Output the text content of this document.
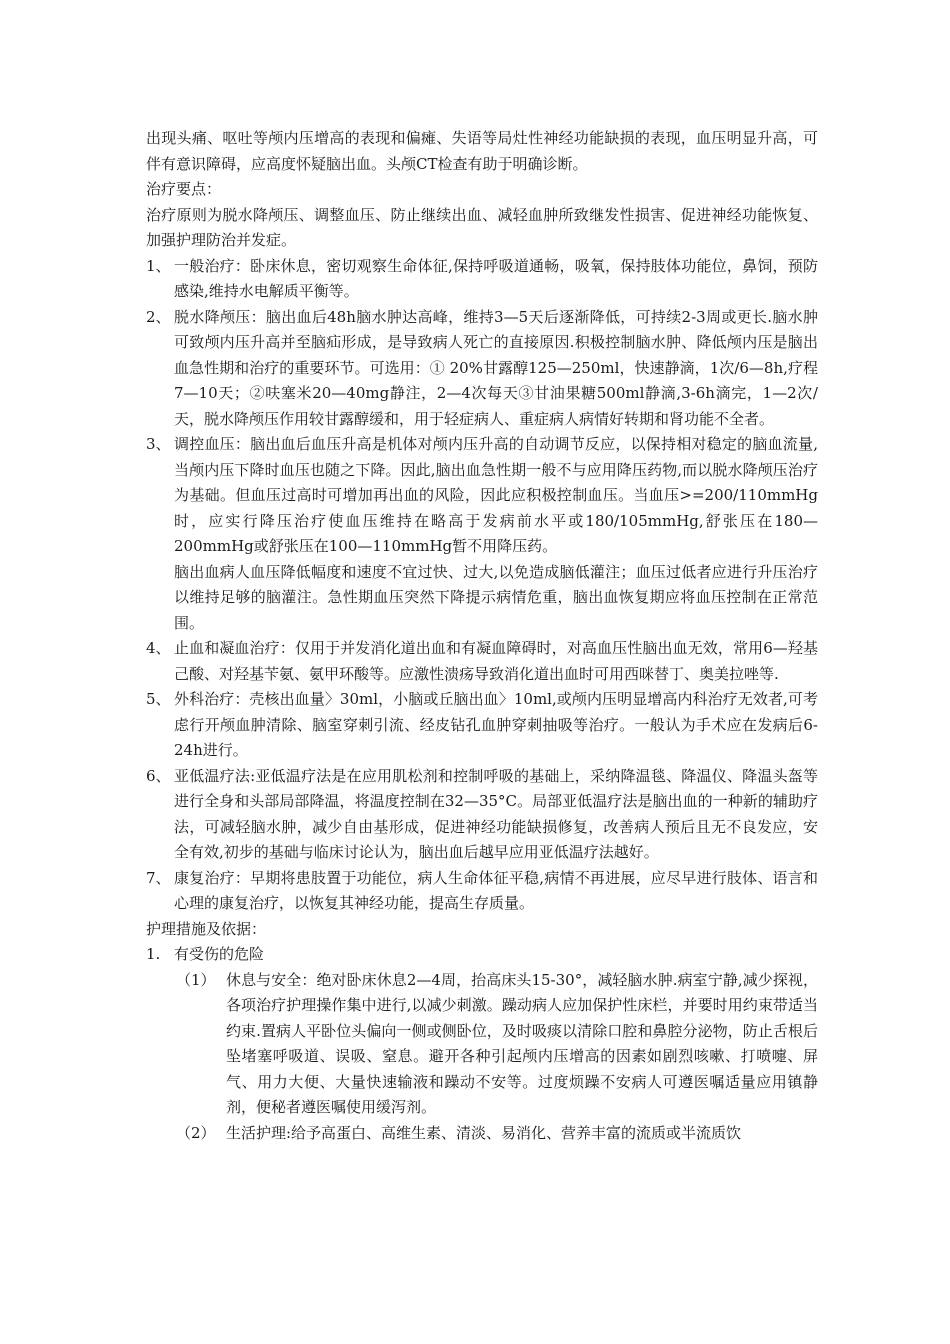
出现头痛、呕吐等颅内压增高的表现和偏瘫、失语等局灶性神经功能缺损的表现，血压明显升高，可伴有意识障碍，应高度怀疑脑出血。头颅CT检查有助于明确诊断。

治疗要点：

治疗原则为脱水降颅压、调整血压、防止继续出血、减轻血肿所致继发性损害、促进神经功能恢复、加强护理防治并发症。

1、 一般治疗：卧床休息，密切观察生命体征,保持呼吸道通畅，吸氧，保持肢体功能位，鼻饲，预防感染,维持水电解质平衡等。
2、 脱水降颅压：脑出血后48h脑水肿达高峰，维持3—5天后逐渐降低，可持续2-3周或更长.脑水肿可致颅内压升高并至脑疝形成，是导致病人死亡的直接原因.积极控制脑水肿、降低颅内压是脑出血急性期和治疗的重要环节。可选用：① 20%甘露醇125—250ml，快速静滴，1次/6—8h,疗程7—10天；②呋塞米20—40mg静注，2—4次每天③甘油果糖500ml静滴,3-6h滴完，1—2次/天，脱水降颅压作用较甘露醇缓和，用于轻症病人、重症病人病情好转期和肾功能不全者。
3、 调控血压：脑出血后血压升高是机体对颅内压升高的自动调节反应，以保持相对稳定的脑血流量,当颅内压下降时血压也随之下降。因此,脑出血急性期一般不与应用降压药物,而以脱水降颅压治疗为基础。但血压过高时可增加再出血的风险，因此应积极控制血压。当血压>=200/110mmHg时，应实行降压治疗使血压维持在略高于发病前水平或180/105mmHg,舒张压在180—200mmHg或舒张压在100—110mmHg暂不用降压药。

脑出血病人血压降低幅度和速度不宜过快、过大,以免造成脑低灌注；血压过低者应进行升压治疗以维持足够的脑灌注。急性期血压突然下降提示病情危重，脑出血恢复期应将血压控制在正常范围。

4、 止血和凝血治疗：仅用于并发消化道出血和有凝血障碍时，对高血压性脑出血无效，常用6—羟基己酸、对羟基苄氨、氨甲环酸等。应激性溃疡导致消化道出血时可用西咪替丁、奥美拉唑等.
5、 外科治疗：壳核出血量〉30ml，小脑或丘脑出血〉10ml,或颅内压明显增高内科治疗无效者,可考虑行开颅血肿清除、脑室穿刺引流、经皮钻孔血肿穿刺抽吸等治疗。一般认为手术应在发病后6-24h进行。
6、 亚低温疗法:亚低温疗法是在应用肌松剂和控制呼吸的基础上，采纳降温毯、降温仪、降温头盔等进行全身和头部局部降温，将温度控制在32—35°C。局部亚低温疗法是脑出血的一种新的辅助疗法，可减轻脑水肿，减少自由基形成，促进神经功能缺损修复，改善病人预后且无不良发应，安全有效,初步的基础与临床讨论认为，脑出血后越早应用亚低温疗法越好。
7、 康复治疗：早期将患肢置于功能位，病人生命体征平稳,病情不再进展，应尽早进行肢体、语言和心理的康复治疗，以恢复其神经功能，提高生存质量。

护理措施及依据：

1. 有受伤的危险
（1） 休息与安全：绝对卧床休息2—4周，抬高床头15-30°，减轻脑水肿.病室宁静,减少探视，各项治疗护理操作集中进行,以减少刺激。躁动病人应加保护性床栏，并要时用约束带适当约束.置病人平卧位头偏向一侧或侧卧位，及时吸痰以清除口腔和鼻腔分泌物，防止舌根后坠堵塞呼吸道、误吸、窒息。避开各种引起颅内压增高的因素如剧烈咳嗽、打喷嚏、屏气、用力大便、大量快速输液和躁动不安等。过度烦躁不安病人可遵医嘱适量应用镇静剂，便秘者遵医嘱使用缓泻剂。
（2） 生活护理:给予高蛋白、高维生素、清淡、易消化、营养丰富的流质或半流质饮
